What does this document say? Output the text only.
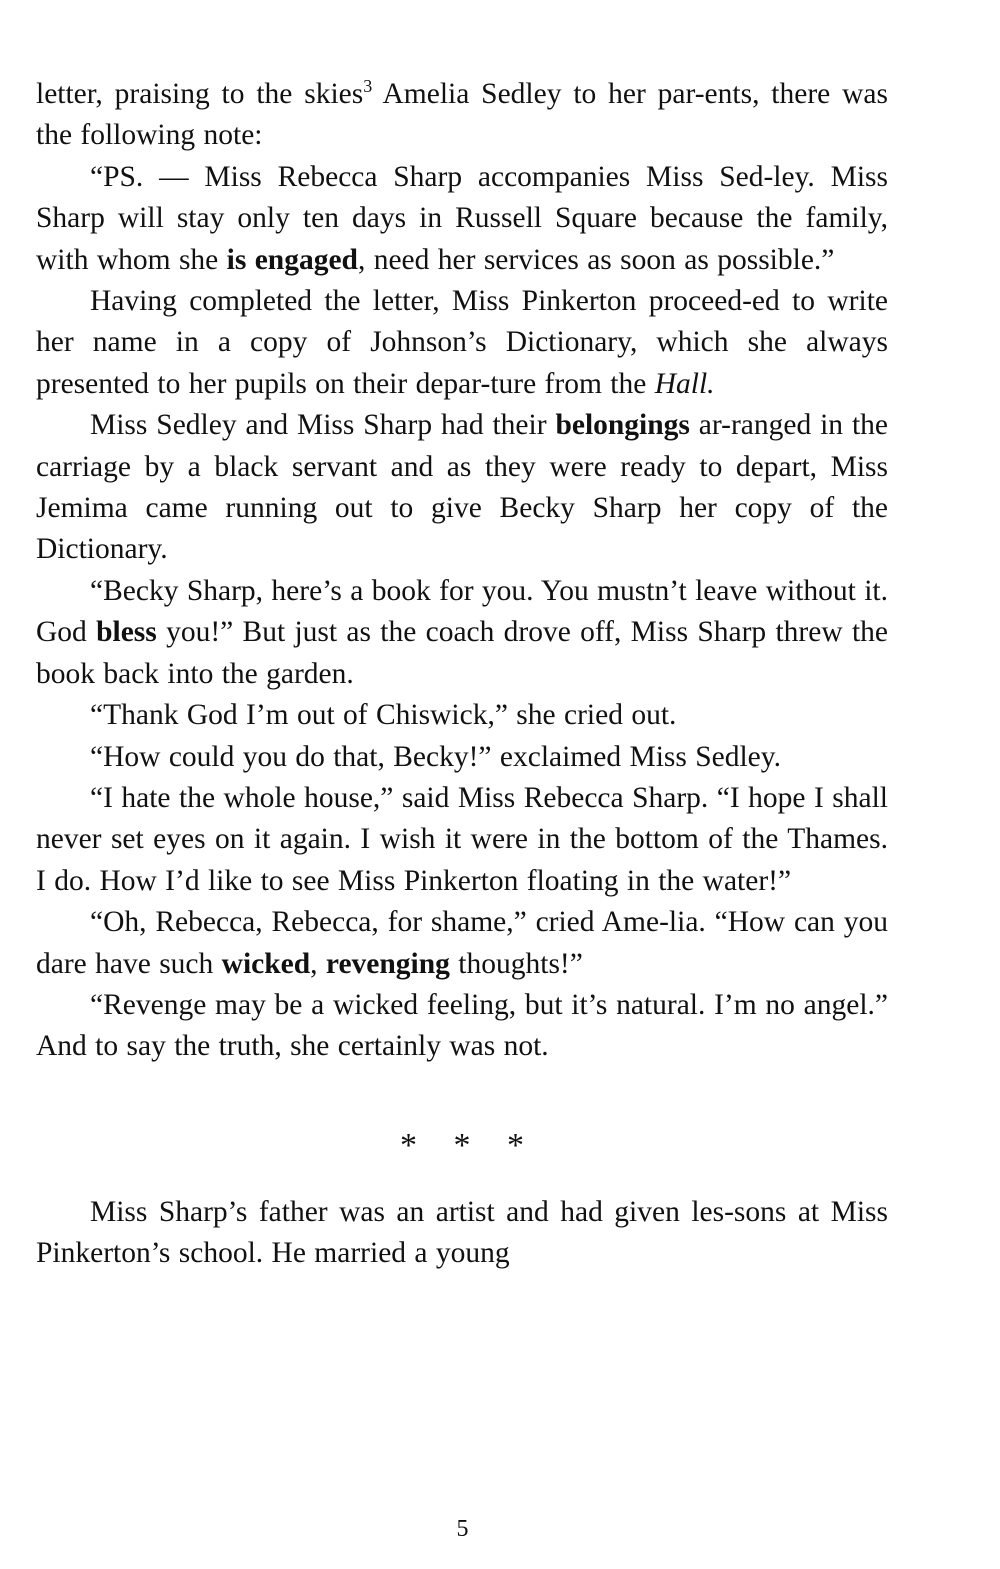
letter, praising to the skies$^3$ Amelia Sedley to her par-ents, there was the following note:

“PS. — Miss Rebecca Sharp accompanies Miss Sed-ley. Miss Sharp will stay only ten days in Russell Square because the family, with whom she is engaged, need her services as soon as possible.”

Having completed the letter, Miss Pinkerton proceed-ed to write her name in a copy of Johnson’s Dictionary, which she always presented to her pupils on their depar-ture from the Hall.

Miss Sedley and Miss Sharp had their belongings ar-ranged in the carriage by a black servant and as they were ready to depart, Miss Jemima came running out to give Becky Sharp her copy of the Dictionary.

“Becky Sharp, here’s a book for you. You mustn’t leave without it. God bless you!” But just as the coach drove off, Miss Sharp threw the book back into the garden.

“Thank God I’m out of Chiswick,” she cried out.

“How could you do that, Becky!” exclaimed Miss Sedley.

“I hate the whole house,” said Miss Rebecca Sharp. “I hope I shall never set eyes on it again. I wish it were in the bottom of the Thames. I do. How I’d like to see Miss Pinkerton floating in the water!”

“Oh, Rebecca, Rebecca, for shame,” cried Ame-lia. “How can you dare have such wicked, revenging thoughts!”

“Revenge may be a wicked feeling, but it’s natural. I’m no angel.” And to say the truth, she certainly was not.

* * *

Miss Sharp’s father was an artist and had given les-sons at Miss Pinkerton’s school. He married a young

5
